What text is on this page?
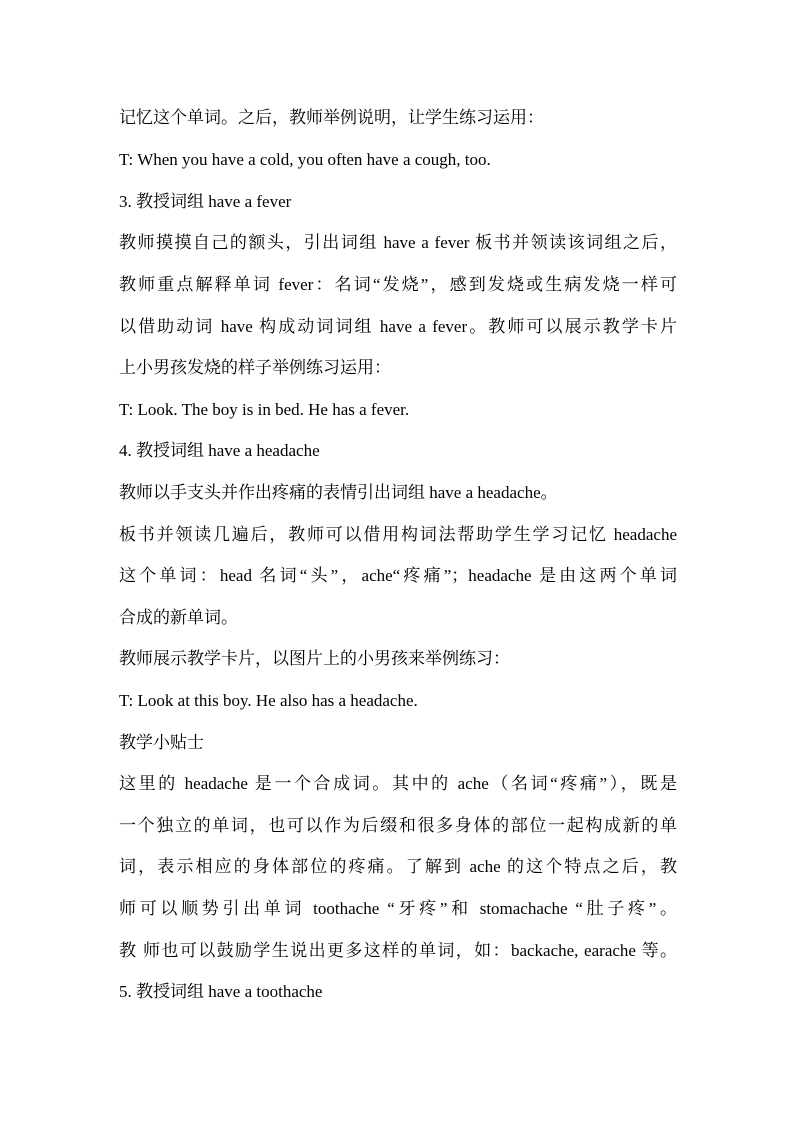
记忆这个单词。之后，教师举例说明，让学生练习运用：
T: When you have a cold, you often have a cough, too.
3. 教授词组 have a fever
教师摸摸自己的额头，引出词组 have a fever 板书并领读该词组之后，
教师重点解释单词 fever：名词“发烧”，感到发烧或生病发烧一样可
以借助动词 have 构成动词词组 have a fever。教师可以展示教学卡片
上小男孩发烧的样子举例练习运用：
T: Look. The boy is in bed. He has a fever.
4. 教授词组 have a headache
教师以手支头并作出疼痛的表情引出词组 have a headache。
板书并领读几遍后，教师可以借用构词法帮助学生学习记忆 headache
这个单词：head 名词“头”，ache“疼痛”；headache 是由这两个单词
合成的新单词。
教师展示教学卡片，以图片上的小男孩来举例练习：
T: Look at this boy. He also has a headache.
教学小贴士
这里的 headache 是一个合成词。其中的 ache（名词“疼痛”），既是
一个独立的单词，也可以作为后缀和很多身体的部位一起构成新的单
词，表示相应的身体部位的疼痛。了解到 ache 的这个特点之后，教
师可以顺势引出单词 toothache “牙疼”和 stomachache “肚子疼”。
教 师也可以鼓励学生说出更多这样的单词，如：backache, earache 等。
5. 教授词组 have a toothache
